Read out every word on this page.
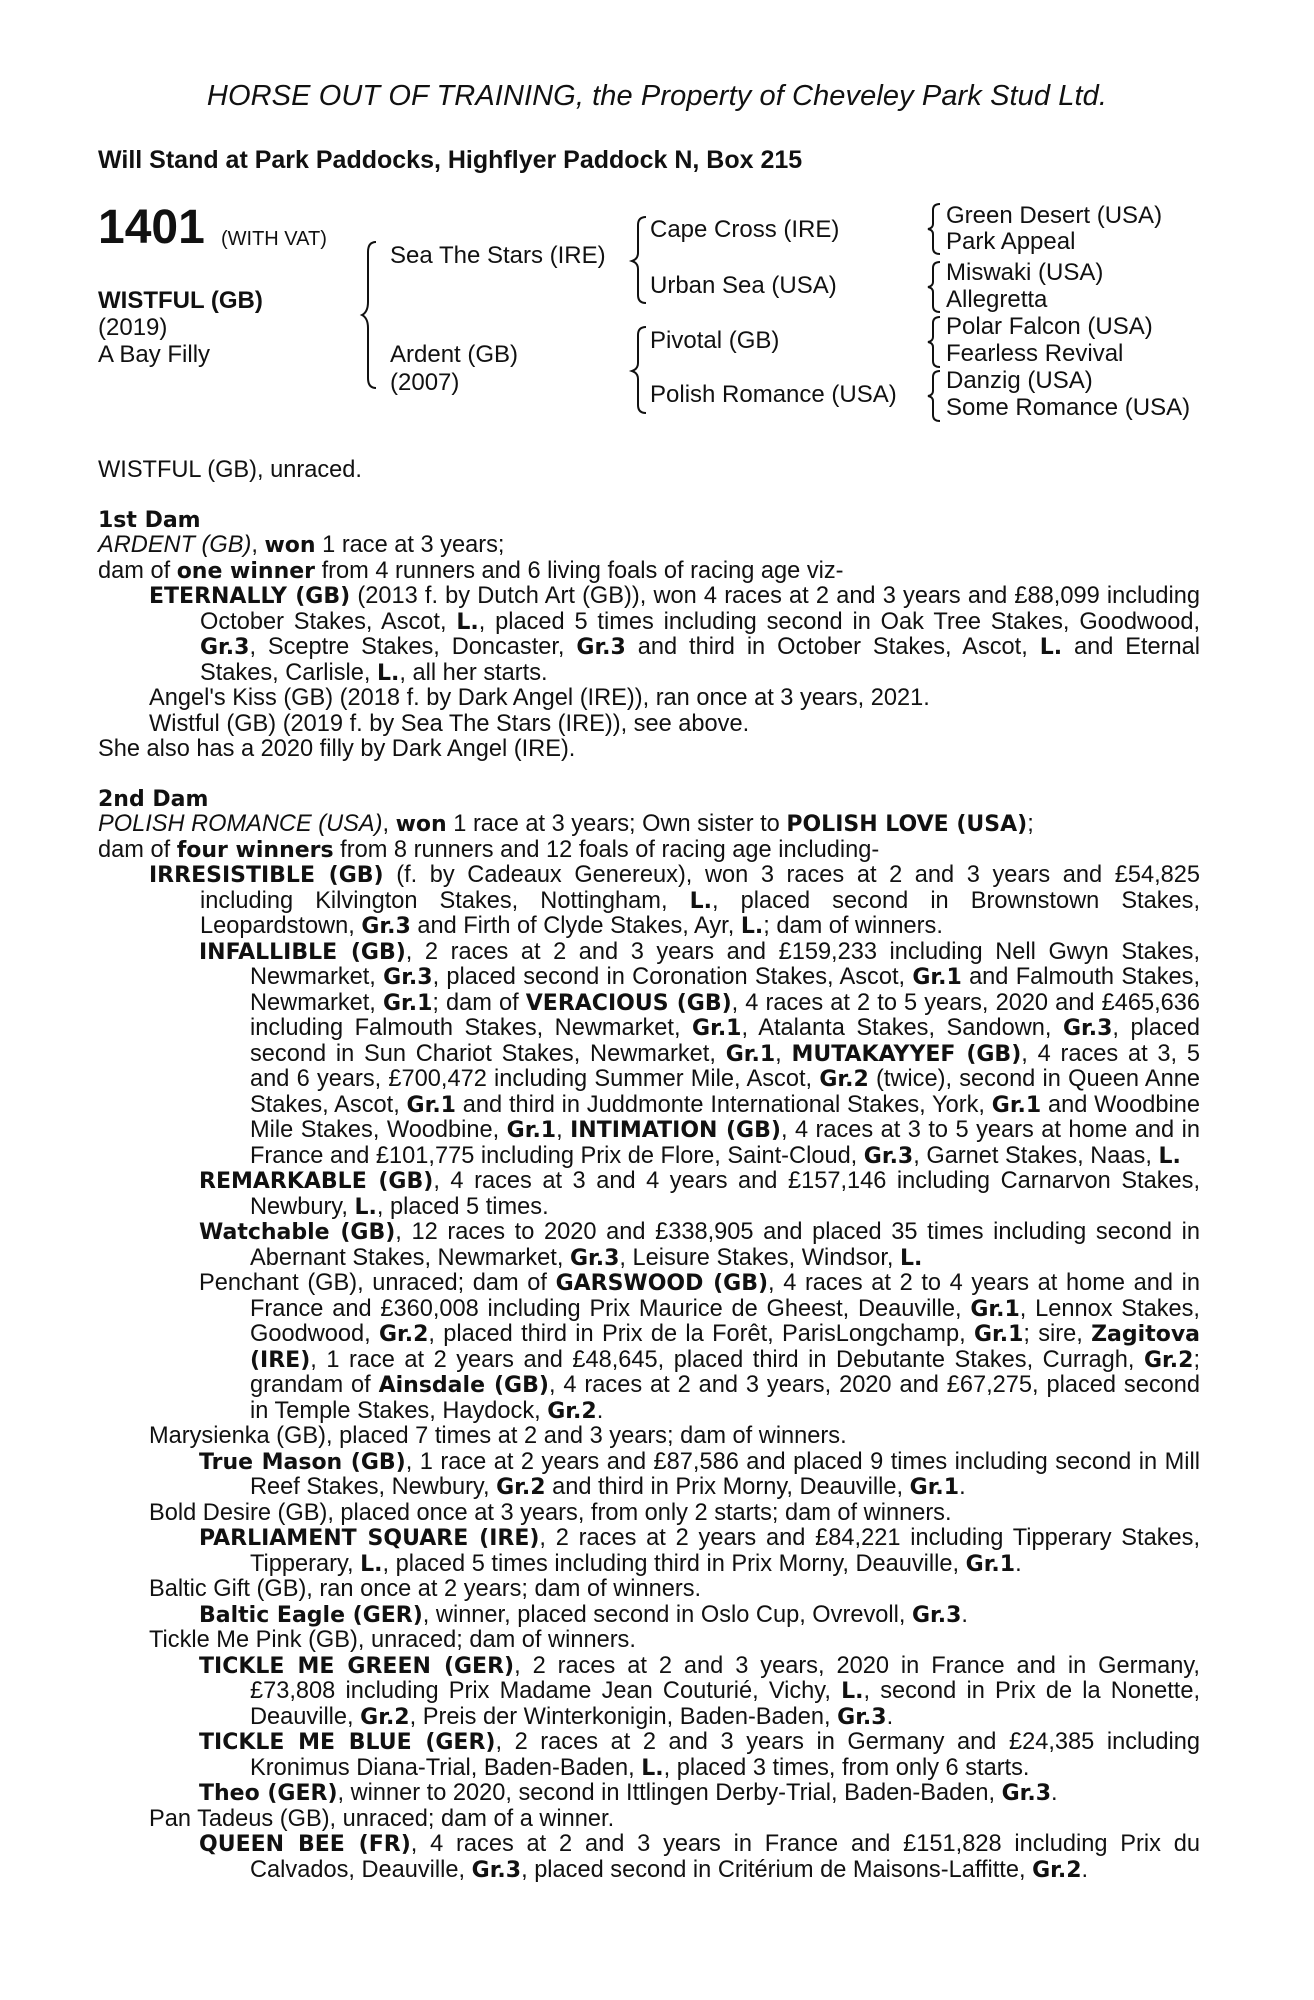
HORSE OUT OF TRAINING, the Property of Cheveley Park Stud Ltd.
Will Stand at Park Paddocks, Highflyer Paddock N, Box 215
1401 (WITH VAT)
WISTFUL (GB)
(2019)
A Bay Filly
Sea The Stars (IRE)
Ardent (GB)
(2007)
Cape Cross (IRE)
Urban Sea (USA)
Pivotal (GB)
Polish Romance (USA)
Green Desert (USA)
Park Appeal
Miswaki (USA)
Allegretta
Polar Falcon (USA)
Fearless Revival
Danzig (USA)
Some Romance (USA)

WISTFUL (GB), unraced.

1st Dam

ARDENT (GB), won 1 race at 3 years;

dam of one winner from 4 runners and 6 living foals of racing age viz-

ETERNALLY (GB) (2013 f. by Dutch Art (GB)), won 4 races at 2 and 3 years and £88,099 including October Stakes, Ascot, L., placed 5 times including second in Oak Tree Stakes, Goodwood, Gr.3, Sceptre Stakes, Doncaster, Gr.3 and third in October Stakes, Ascot, L. and Eternal Stakes, Carlisle, L., all her starts.

Angel's Kiss (GB) (2018 f. by Dark Angel (IRE)), ran once at 3 years, 2021.

Wistful (GB) (2019 f. by Sea The Stars (IRE)), see above.

She also has a 2020 filly by Dark Angel (IRE).

2nd Dam

POLISH ROMANCE (USA), won 1 race at 3 years; Own sister to POLISH LOVE (USA);

dam of four winners from 8 runners and 12 foals of racing age including-

IRRESISTIBLE (GB) (f. by Cadeaux Genereux), won 3 races at 2 and 3 years and £54,825 including Kilvington Stakes, Nottingham, L., placed second in Brownstown Stakes, Leopardstown, Gr.3 and Firth of Clyde Stakes, Ayr, L.; dam of winners.

INFALLIBLE (GB), 2 races at 2 and 3 years and £159,233 including Nell Gwyn Stakes, Newmarket, Gr.3, placed second in Coronation Stakes, Ascot, Gr.1 and Falmouth Stakes, Newmarket, Gr.1; dam of VERACIOUS (GB), 4 races at 2 to 5 years, 2020 and £465,636 including Falmouth Stakes, Newmarket, Gr.1, Atalanta Stakes, Sandown, Gr.3, placed second in Sun Chariot Stakes, Newmarket, Gr.1, MUTAKAYYEF (GB), 4 races at 3, 5 and 6 years, £700,472 including Summer Mile, Ascot, Gr.2 (twice), second in Queen Anne Stakes, Ascot, Gr.1 and third in Juddmonte International Stakes, York, Gr.1 and Woodbine Mile Stakes, Woodbine, Gr.1, INTIMATION (GB), 4 races at 3 to 5 years at home and in France and £101,775 including Prix de Flore, Saint-Cloud, Gr.3, Garnet Stakes, Naas, L.

REMARKABLE (GB), 4 races at 3 and 4 years and £157,146 including Carnarvon Stakes, Newbury, L., placed 5 times.

Watchable (GB), 12 races to 2020 and £338,905 and placed 35 times including second in Abernant Stakes, Newmarket, Gr.3, Leisure Stakes, Windsor, L.

Penchant (GB), unraced; dam of GARSWOOD (GB), 4 races at 2 to 4 years at home and in France and £360,008 including Prix Maurice de Gheest, Deauville, Gr.1, Lennox Stakes, Goodwood, Gr.2, placed third in Prix de la Forêt, ParisLongchamp, Gr.1; sire, Zagitova (IRE), 1 race at 2 years and £48,645, placed third in Debutante Stakes, Curragh, Gr.2; grandam of Ainsdale (GB), 4 races at 2 and 3 years, 2020 and £67,275, placed second in Temple Stakes, Haydock, Gr.2.

Marysienka (GB), placed 7 times at 2 and 3 years; dam of winners.

True Mason (GB), 1 race at 2 years and £87,586 and placed 9 times including second in Mill Reef Stakes, Newbury, Gr.2 and third in Prix Morny, Deauville, Gr.1.

Bold Desire (GB), placed once at 3 years, from only 2 starts; dam of winners.

PARLIAMENT SQUARE (IRE), 2 races at 2 years and £84,221 including Tipperary Stakes, Tipperary, L., placed 5 times including third in Prix Morny, Deauville, Gr.1.

Baltic Gift (GB), ran once at 2 years; dam of winners.

Baltic Eagle (GER), winner, placed second in Oslo Cup, Ovrevoll, Gr.3.

Tickle Me Pink (GB), unraced; dam of winners.

TICKLE ME GREEN (GER), 2 races at 2 and 3 years, 2020 in France and in Germany, £73,808 including Prix Madame Jean Couturié, Vichy, L., second in Prix de la Nonette, Deauville, Gr.2, Preis der Winterkonigin, Baden-Baden, Gr.3.

TICKLE ME BLUE (GER), 2 races at 2 and 3 years in Germany and £24,385 including Kronimus Diana-Trial, Baden-Baden, L., placed 3 times, from only 6 starts.

Theo (GER), winner to 2020, second in Ittlingen Derby-Trial, Baden-Baden, Gr.3.

Pan Tadeus (GB), unraced; dam of a winner.

QUEEN BEE (FR), 4 races at 2 and 3 years in France and £151,828 including Prix du Calvados, Deauville, Gr.3, placed second in Critérium de Maisons-Laffitte, Gr.2.
